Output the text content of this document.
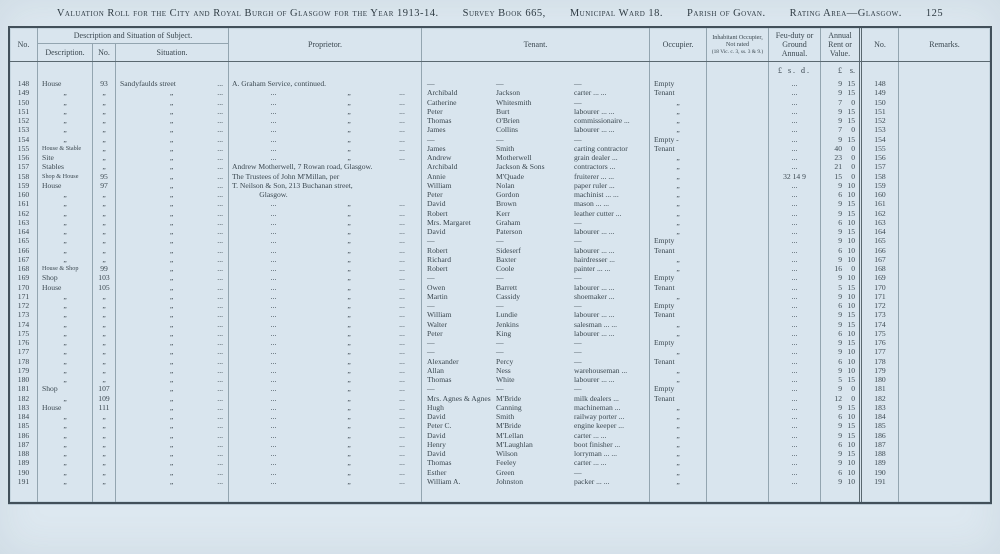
Valuation Roll for the City and Royal Burgh of Glasgow for the Year 1913-14. Survey Book 665, Municipal Ward 18. Parish of Govan. Rating Area—Glasgow. 125
No.
Description and Situation of Subject.
Description.	No.	Situation.
Proprietor.	Tenant.	Occupier.
Inhabitant Occupier,
Not rated
(18 Vic. c. 3, ss. 3 & 9.)
Feu-duty or Ground Annual.
Annual Rent or Value.
No.	Remarks.
£ s. d.	£ s.
148	House	93	Sandyfaulds street	...	A. Graham Service, continued.	—	—	—	Empty	...	9 15	148
149	„	„	„	...	...	„	...	Archibald	Jackson	carter ... ...	Tenant	...	9 15	149
150	„	„	„	...	...	„	...	Catherine	Whitesmith	—	„	...	7	0	150
151	„	„	„	...	...	„	...	Peter	Burt	labourer ... ...	„	...	9 15	151
152	„	„	„	...	...	„	...	Thomas	O'Brien	commissionaire ...	„	...	9 15	152
153	„	„	„	...	...	„	...	James	Collins	labourer ... ...	„	...	7	0	153
154	„	„	„	...	...	„	...	—	—	—	Empty -	...	9 15	154
155	House & Stable	„	„	...	...	„	...	James	Smith	carting contractor	Tenant	...	40	0	155
156	Site	„	„	...	...	„	...	Andrew	Motherwell	grain dealer ...	„	...	23	0	156
157	Stables	„	„	...	Andrew Motherwell, 7 Rowan road, Glasgow.	Archibald	Jackson & Sons	contractors ...	„	...	21	0	157
158	Shop & House	95	„	...	The Trustees of John M'Millan, per	Annie	M'Quade	fruiterer ... ...	„	32 14 9	15	0	158
159	House	97	„	...	T. Neilson & Son, 213 Buchanan street,	William	Nolan	paper ruler ...	„	...	9 10	159
160	„	„	„	...	Glasgow.	Peter	Gordon	machinist ... ...	„	...	6 10	160
161	„	„	„	...	...	„	...	David	Brown	mason ... ...	„	...	9 15	161
162	„	„	„	...	...	„	...	Robert	Kerr	leather cutter ...	„	...	9 15	162
163	„	„	„	...	...	„	...	Mrs. Margaret	Graham	—	„	...	6 10	163
164	„	„	„	...	...	„	...	David	Paterson	labourer ... ...	„	...	9 15	164
165	„	„	„	...	...	„	...	—	—	—	Empty	...	9 10	165
166	„	„	„	...	...	„	...	Robert	Sideserf	labourer ... ...	Tenant	...	6 10	166
167	„	„	„	...	...	„	...	Richard	Baxter	hairdresser ...	„	...	9 10	167
168	House & Shop	99	„	...	...	„	...	Robert	Coole	painter ... ...	„	...	16	0	168
169	Shop	103	„	...	...	„	...	—	—	—	Empty	...	9 10	169
170	House	105	„	...	...	„	...	Owen	Barrett	labourer ... ...	Tenant	...	5 15	170
171	„	„	„	...	...	„	...	Martin	Cassidy	shoemaker ...	„	...	9 10	171
172	„	„	„	...	...	„	...	—	—	—	Empty	...	6 10	172
173	„	„	„	...	...	„	...	William	Lundie	labourer ... ...	Tenant	...	9 15	173
174	„	„	„	...	...	„	...	Walter	Jenkins	salesman ... ...	„	...	9 15	174
175	„	„	„	...	...	„	...	Peter	King	labourer ... ...	„	...	6 10	175
176	„	„	„	...	...	„	...	—	—	—	Empty	...	9 15	176
177	„	„	„	...	...	„	...	—	—	—	„	...	9 10	177
178	„	„	„	...	...	„	...	Alexander	Percy	—	Tenant	...	6 10	178
179	„	„	„	...	...	„	...	Allan	Ness	warehouseman ...	„	...	9 10	179
180	„	„	„	...	...	„	...	Thomas	White	labourer ... ...	„	...	5 15	180
181	Shop	107	„	...	...	„	...	—	—	—	Empty	...	9	0	181
182	„	109	„	...	...	„	...	Mrs. Agnes & Agnes M'Bride	milk dealers ...	Tenant	...	12	0	182
183	House	111	„	...	...	„	...	Hugh	Canning	machineman ...	„	...	9 15	183
184	„	„	„	...	...	„	...	David	Smith	railway porter ...	„	...	6 10	184
185	„	„	„	...	...	„	...	Peter C.	M'Bride	engine keeper ...	„	...	9 15	185
186	„	„	„	...	...	„	...	David	M'Lellan	carter ... ...	„	...	9 15	186
187	„	„	„	...	...	„	...	Henry	M'Laughlan	boot finisher ...	„	...	6 10	187
188	„	„	„	...	...	„	...	David	Wilson	lorryman ... ...	„	...	9 15	188
189	„	„	„	...	...	„	...	Thomas	Feeley	carter ... ...	„	...	9 10	189
190	„	„	„	...	...	„	...	Esther	Green	—	„	...	6 10	190
191	„	„	„	...	...	„	...	William A.	Johnston	packer ... ...	„	...	9 10	191
